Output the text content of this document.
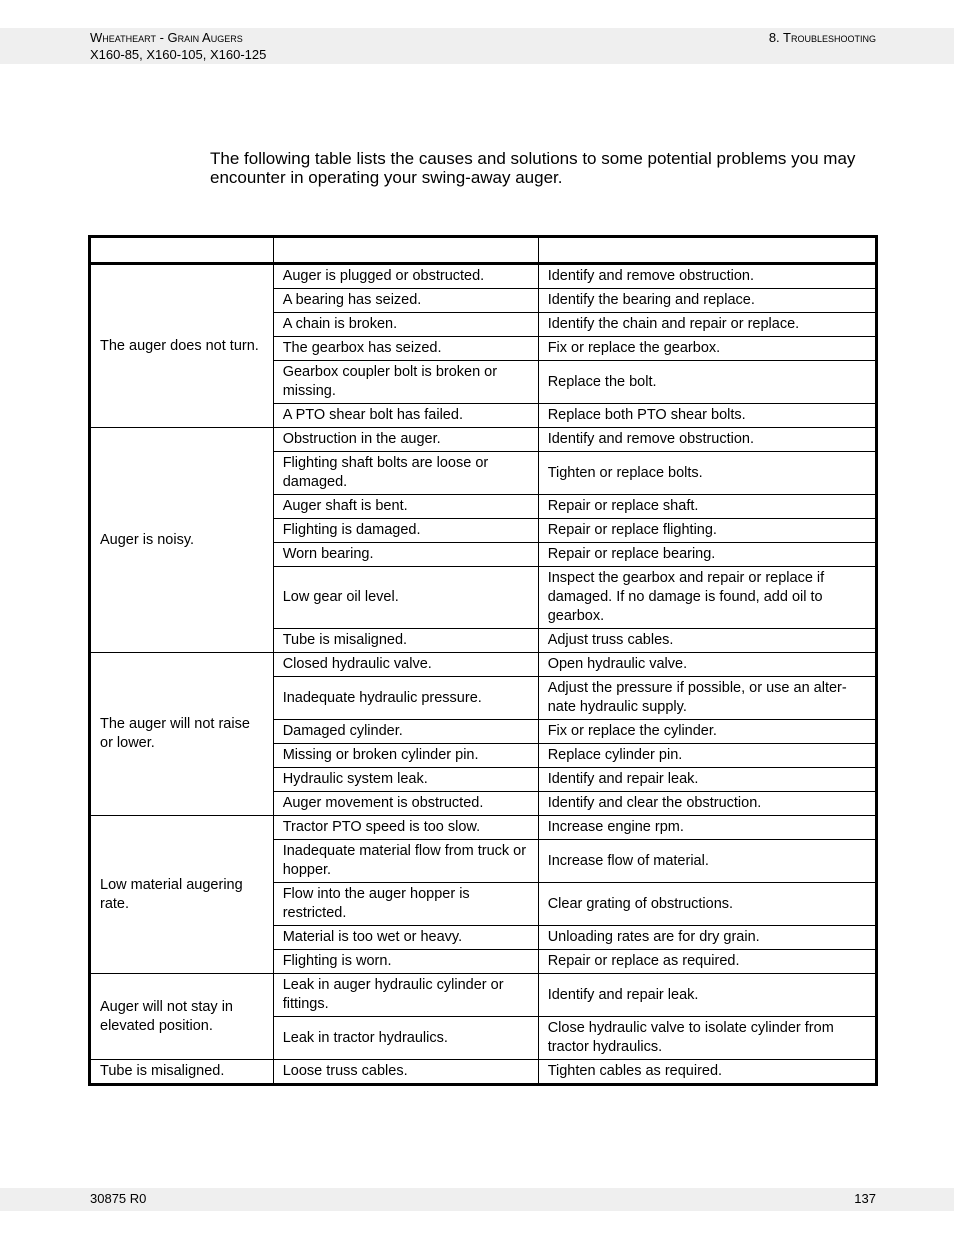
Wheatheart - Grain Augers
X160-85, X160-105, X160-125
8. Troubleshooting

The following table lists the causes and solutions to some potential problems you may encounter in operating your swing-away auger.

The auger does not turn.	Auger is plugged or obstructed.	Identify and remove obstruction.
	A bearing has seized.	Identify the bearing and replace.
	A chain is broken.	Identify the chain and repair or replace.
	The gearbox has seized.	Fix or replace the gearbox.
	Gearbox coupler bolt is broken or missing.	Replace the bolt.
	A PTO shear bolt has failed.	Replace both PTO shear bolts.
Auger is noisy.	Obstruction in the auger.	Identify and remove obstruction.
	Flighting shaft bolts are loose or damaged.	Tighten or replace bolts.
	Auger shaft is bent.	Repair or replace shaft.
	Flighting is damaged.	Repair or replace flighting.
	Worn bearing.	Repair or replace bearing.
	Low gear oil level.	Inspect the gearbox and repair or replace if damaged. If no damage is found, add oil to gearbox.
	Tube is misaligned.	Adjust truss cables.
The auger will not raise or lower.	Closed hydraulic valve.	Open hydraulic valve.
	Inadequate hydraulic pressure.	Adjust the pressure if possible, or use an alter-nate hydraulic supply.
	Damaged cylinder.	Fix or replace the cylinder.
	Missing or broken cylinder pin.	Replace cylinder pin.
	Hydraulic system leak.	Identify and repair leak.
	Auger movement is obstructed.	Identify and clear the obstruction.
Low material augering rate.	Tractor PTO speed is too slow.	Increase engine rpm.
	Inadequate material flow from truck or hopper.	Increase flow of material.
	Flow into the auger hopper is restricted.	Clear grating of obstructions.
	Material is too wet or heavy.	Unloading rates are for dry grain.
	Flighting is worn.	Repair or replace as required.
Auger will not stay in elevated position.	Leak in auger hydraulic cylinder or fittings.	Identify and repair leak.
	Leak in tractor hydraulics.	Close hydraulic valve to isolate cylinder from tractor hydraulics.
Tube is misaligned.	Loose truss cables.	Tighten cables as required.
30875 R0	137
